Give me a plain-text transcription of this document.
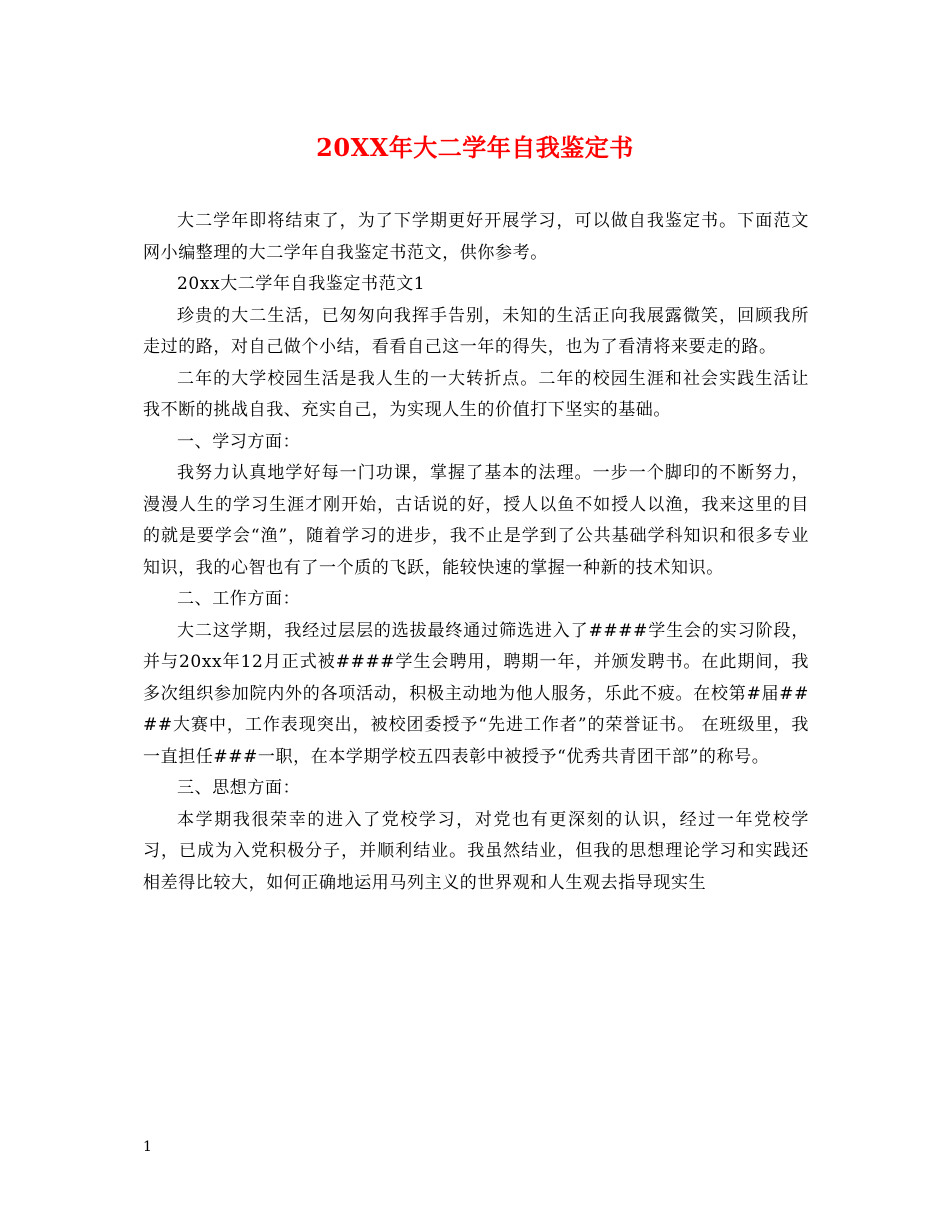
20XX年大二学年自我鉴定书

大二学年即将结束了，为了下学期更好开展学习，可以做自我鉴定书。下面范文网小编整理的大二学年自我鉴定书范文，供你参考。

20xx大二学年自我鉴定书范文1

珍贵的大二生活，已匆匆向我挥手告别，未知的生活正向我展露微笑，回顾我所走过的路，对自己做个小结，看看自己这一年的得失，也为了看清将来要走的路。

二年的大学校园生活是我人生的一大转折点。二年的校园生涯和社会实践生活让我不断的挑战自我、充实自己，为实现人生的价值打下坚实的基础。

一、学习方面：

我努力认真地学好每一门功课，掌握了基本的法理。一步一个脚印的不断努力，漫漫人生的学习生涯才刚开始，古话说的好，授人以鱼不如授人以渔，我来这里的目的就是要学会“渔”，随着学习的进步，我不止是学到了公共基础学科知识和很多专业知识，我的心智也有了一个质的飞跃，能较快速的掌握一种新的技术知识。

二、工作方面：

大二这学期，我经过层层的选拔最终通过筛选进入了####学生会的实习阶段，并与20xx年12月正式被####学生会聘用，聘期一年，并颁发聘书。在此期间，我多次组织参加院内外的各项活动，积极主动地为他人服务，乐此不疲。在校第#届####大赛中，工作表现突出，被校团委授予“先进工作者”的荣誉证书。 在班级里，我一直担任###一职，在本学期学校五四表彰中被授予“优秀共青团干部”的称号。

三、思想方面：

本学期我很荣幸的进入了党校学习，对党也有更深刻的认识，经过一年党校学习，已成为入党积极分子，并顺利结业。我虽然结业，但我的思想理论学习和实践还相差得比较大，如何正确地运用马列主义的世界观和人生观去指导现实生

1
